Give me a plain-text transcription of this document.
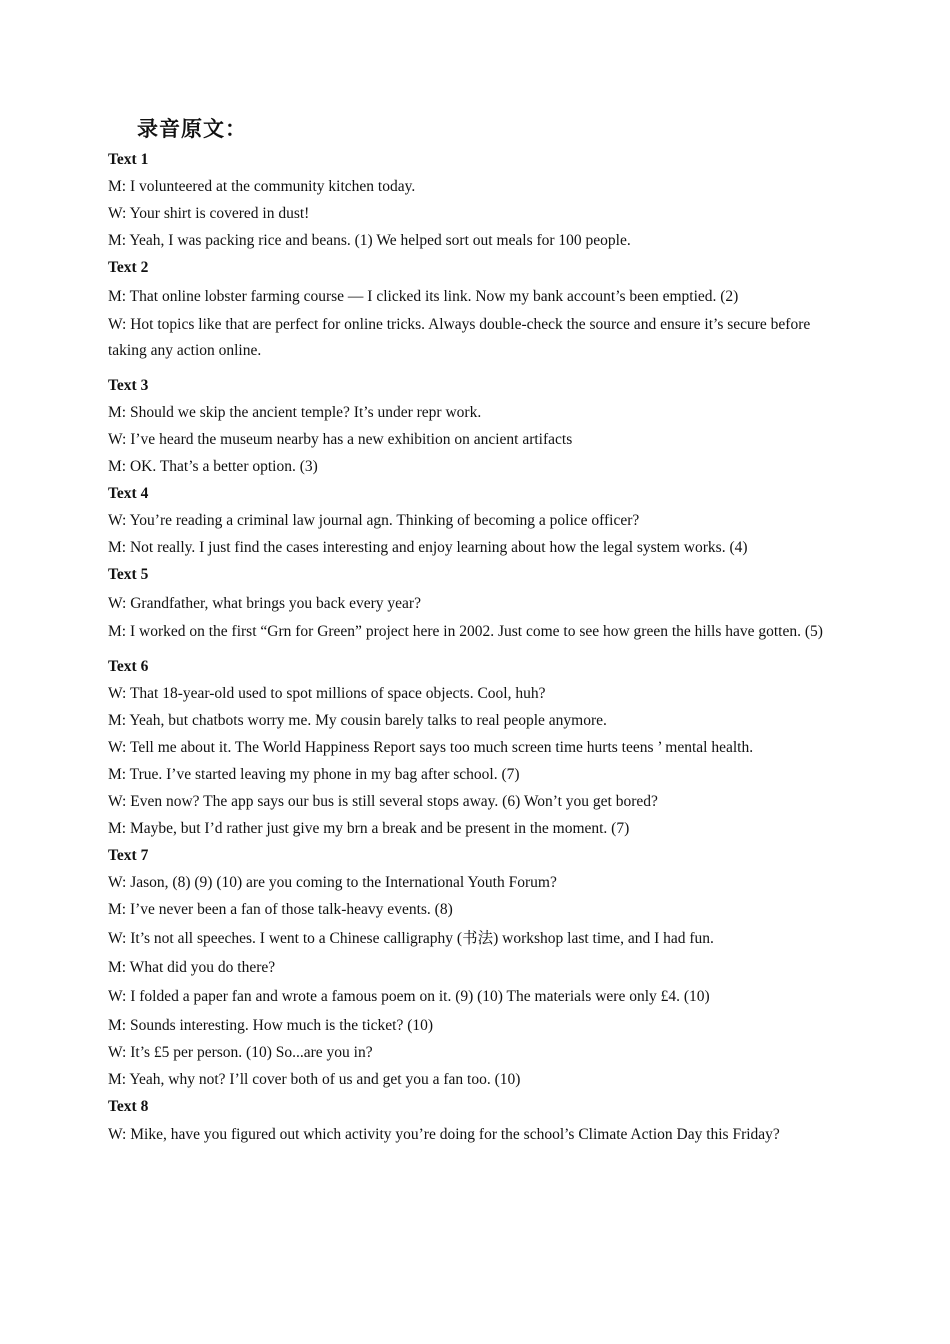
录音原文：
Text 1

M: I volunteered at the community kitchen today.

W: Your shirt is covered in dust!

M: Yeah, I was packing rice and beans. (1) We helped sort out meals for 100 people.

Text 2

M: That online lobster farming course — I clicked its link. Now my bank account’s been emptied. (2)

W: Hot topics like that are perfect for online tricks. Always double-check the source and ensure it’s secure before taking any action online.

Text 3

M: Should we skip the ancient temple? It’s under repr work.

W: I’ve heard the museum nearby has a new exhibition on ancient artifacts

M: OK. That’s a better option. (3)

Text 4

W: You’re reading a criminal law journal agn. Thinking of becoming a police officer?

M: Not really. I just find the cases interesting and enjoy learning about how the legal system works. (4)

Text 5

W: Grandfather, what brings you back every year?

M: I worked on the first “Grn for Green” project here in 2002. Just come to see how green the hills have gotten. (5)

Text 6

W: That 18-year-old used to spot millions of space objects. Cool, huh?

M: Yeah, but chatbots worry me. My cousin barely talks to real people anymore.

W: Tell me about it. The World Happiness Report says too much screen time hurts teens ’ mental health.

M: True. I’ve started leaving my phone in my bag after school. (7)

W: Even now? The app says our bus is still several stops away. (6) Won’t you get bored?

M: Maybe, but I’d rather just give my brn a break and be present in the moment. (7)

Text 7

W: Jason, (8) (9) (10) are you coming to the International Youth Forum?

M: I’ve never been a fan of those talk-heavy events. (8)

W: It’s not all speeches. I went to a Chinese calligraphy (书法) workshop last time, and I had fun.

M: What did you do there?

W: I folded a paper fan and wrote a famous poem on it. (9) (10) The materials were only £4. (10)

M: Sounds interesting. How much is the ticket? (10)

W: It’s £5 per person. (10) So...are you in?

M: Yeah, why not? I’ll cover both of us and get you a fan too. (10)

Text 8

W: Mike, have you figured out which activity you’re doing for the school’s Climate Action Day this Friday?
